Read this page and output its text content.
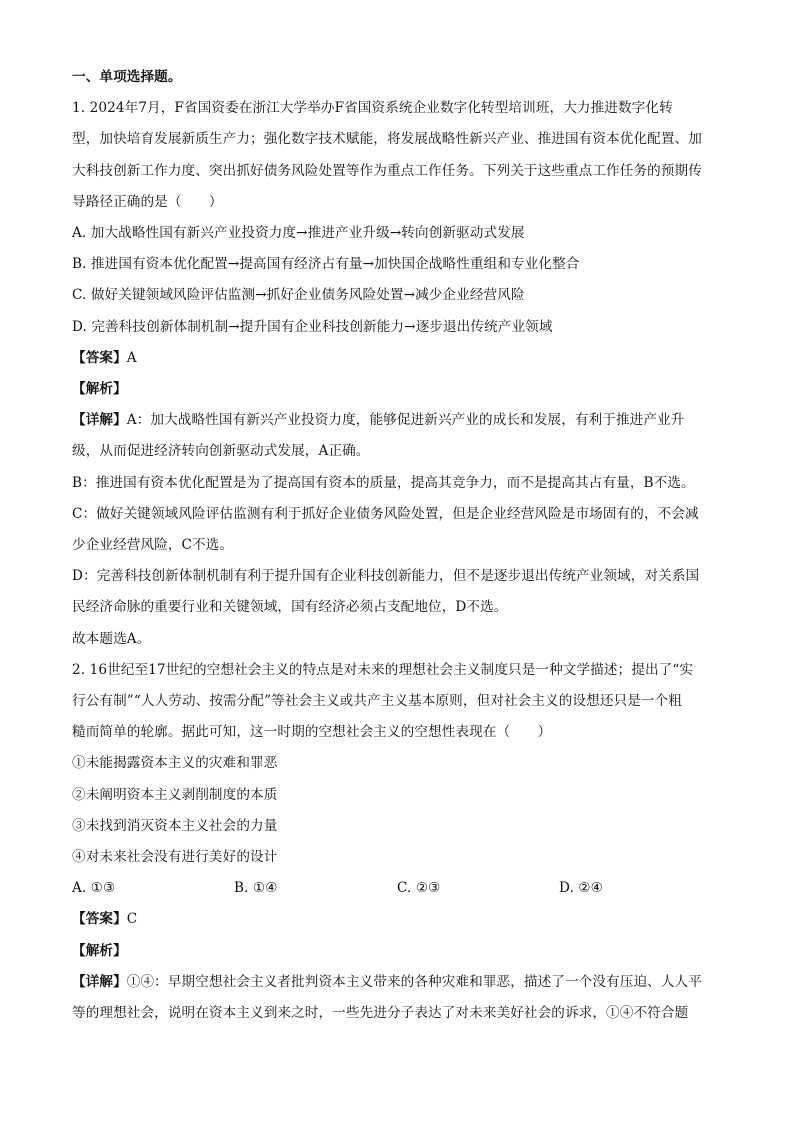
一、单项选择题。
1. 2024年7月，F省国资委在浙江大学举办F省国资系统企业数字化转型培训班，大力推进数字化转
型，加快培育发展新质生产力；强化数字技术赋能，将发展战略性新兴产业、推进国有资本优化配置、加
大科技创新工作力度、突出抓好债务风险处置等作为重点工作任务。下列关于这些重点工作任务的预期传
导路径正确的是（　　）
A. 加大战略性国有新兴产业投资力度→推进产业升级→转向创新驱动式发展
B. 推进国有资本优化配置→提高国有经济占有量→加快国企战略性重组和专业化整合
C. 做好关键领域风险评估监测→抓好企业债务风险处置→减少企业经营风险
D. 完善科技创新体制机制→提升国有企业科技创新能力→逐步退出传统产业领域
【答案】A
【解析】
【详解】A：加大战略性国有新兴产业投资力度，能够促进新兴产业的成长和发展，有利于推进产业升
级，从而促进经济转向创新驱动式发展，A正确。
B：推进国有资本优化配置是为了提高国有资本的质量，提高其竞争力，而不是提高其占有量，B不选。
C：做好关键领域风险评估监测有利于抓好企业债务风险处置，但是企业经营风险是市场固有的，不会减
少企业经营风险，C不选。
D：完善科技创新体制机制有利于提升国有企业科技创新能力，但不是逐步退出传统产业领域，对关系国
民经济命脉的重要行业和关键领域，国有经济必须占支配地位，D不选。
故本题选A。
2. 16世纪至17世纪的空想社会主义的特点是对未来的理想社会主义制度只是一种文学描述；提出了“实
行公有制”“人人劳动、按需分配”等社会主义或共产主义基本原则，但对社会主义的设想还只是一个粗
糙而简单的轮廓。据此可知，这一时期的空想社会主义的空想性表现在（　　）
①未能揭露资本主义的灾难和罪恶
②未阐明资本主义剥削制度的本质
③未找到消灭资本主义社会的力量
④对未来社会没有进行美好的设计
A. ①③	B. ①④	C. ②③	D. ②④
【答案】C
【解析】
【详解】①④：早期空想社会主义者批判资本主义带来的各种灾难和罪恶，描述了一个没有压迫、人人平
等的理想社会，说明在资本主义到来之时，一些先进分子表达了对未来美好社会的诉求，①④不符合题
